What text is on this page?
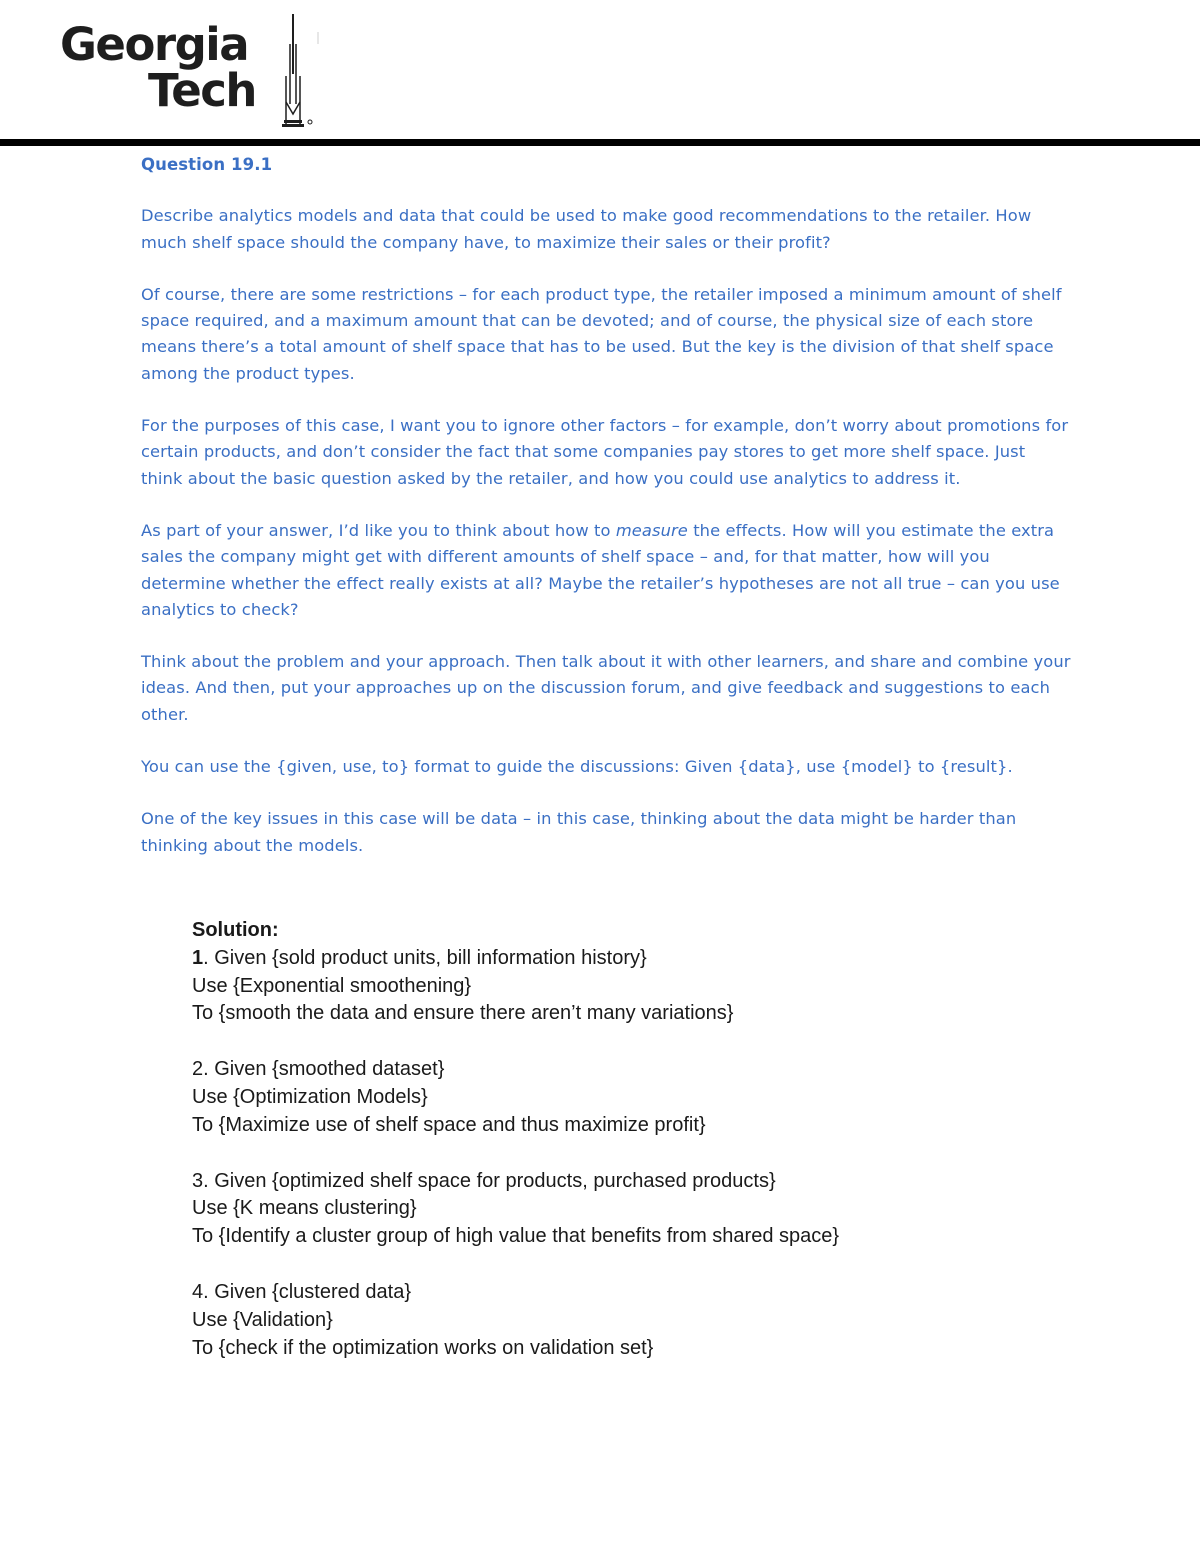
Georgia
Tech
Question 19.1

Describe analytics models and data that could be used to make good recommendations to the retailer. How much shelf space should the company have, to maximize their sales or their profit?

Of course, there are some restrictions – for each product type, the retailer imposed a minimum amount of shelf space required, and a maximum amount that can be devoted; and of course, the physical size of each store means there’s a total amount of shelf space that has to be used. But the key is the division of that shelf space among the product types.

For the purposes of this case, I want you to ignore other factors – for example, don’t worry about promotions for certain products, and don’t consider the fact that some companies pay stores to get more shelf space. Just think about the basic question asked by the retailer, and how you could use analytics to address it.

As part of your answer, I’d like you to think about how to measure the effects. How will you estimate the extra sales the company might get with different amounts of shelf space – and, for that matter, how will you determine whether the effect really exists at all? Maybe the retailer’s hypotheses are not all true – can you use analytics to check?

Think about the problem and your approach. Then talk about it with other learners, and share and combine your ideas. And then, put your approaches up on the discussion forum, and give feedback and suggestions to each other.

You can use the {given, use, to} format to guide the discussions: Given {data}, use {model} to {result}.

One of the key issues in this case will be data – in this case, thinking about the data might be harder than thinking about the models.

Solution:
1. Given {sold product units, bill information history}
Use {Exponential smoothening}
To {smooth the data and ensure there aren’t many variations}
2. Given {smoothed dataset}
Use {Optimization Models}
To {Maximize use of shelf space and thus maximize profit}
3. Given {optimized shelf space for products, purchased products}
Use {K means clustering}
To {Identify a cluster group of high value that benefits from shared space}
4. Given {clustered data}
Use {Validation}
To {check if the optimization works on validation set}
